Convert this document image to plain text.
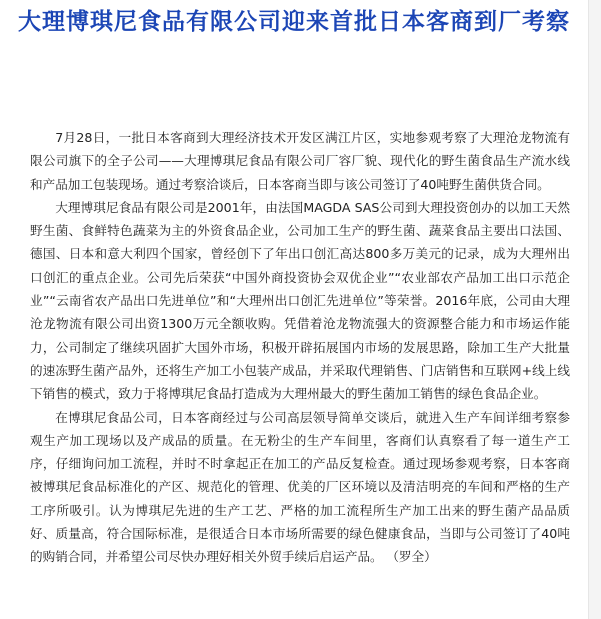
大理博琪尼食品有限公司迎来首批日本客商到厂考察

7月28日，一批日本客商到大理经济技术开发区满江片区，实地参观考察了大理沧龙物流有限公司旗下的全子公司——大理博琪尼食品有限公司厂容厂貌、现代化的野生菌食品生产流水线和产品加工包装现场。通过考察洽谈后，日本客商当即与该公司签订了40吨野生菌供货合同。

大理博琪尼食品有限公司是2001年，由法国MAGDA SAS公司到大理投资创办的以加工天然野生菌、食鲜特色蔬菜为主的外资食品企业，公司加工生产的野生菌、蔬菜食品主要出口法国、德国、日本和意大利四个国家，曾经创下了年出口创汇高达800多万美元的记录，成为大理州出口创汇的重点企业。公司先后荣获“中国外商投资协会双优企业”“农业部农产品加工出口示范企业”“云南省农产品出口先进单位”和“大理州出口创汇先进单位”等荣誉。2016年底，公司由大理沧龙物流有限公司出资1300万元全额收购。凭借着沧龙物流强大的资源整合能力和市场运作能力，公司制定了继续巩固扩大国外市场，积极开辟拓展国内市场的发展思路，除加工生产大批量的速冻野生菌产品外，还将生产加工小包装产成品，并采取代理销售、门店销售和互联网+线上线下销售的模式，致力于将博琪尼食品打造成为大理州最大的野生菌加工销售的绿色食品企业。

在博琪尼食品公司，日本客商经过与公司高层领导简单交谈后，就进入生产车间详细考察参观生产加工现场以及产成品的质量。在无粉尘的生产车间里，客商们认真察看了每一道生产工序，仔细询问加工流程，并时不时拿起正在加工的产品反复检查。通过现场参观考察，日本客商被博琪尼食品标准化的产区、规范化的管理、优美的厂区环境以及清洁明亮的车间和严格的生产工序所吸引。认为博琪尼先进的生产工艺、严格的加工流程所生产加工出来的野生菌产品品质好、质量高，符合国际标准，是很适合日本市场所需要的绿色健康食品，当即与公司签订了40吨的购销合同，并希望公司尽快办理好相关外贸手续后启运产品。 （罗全）
